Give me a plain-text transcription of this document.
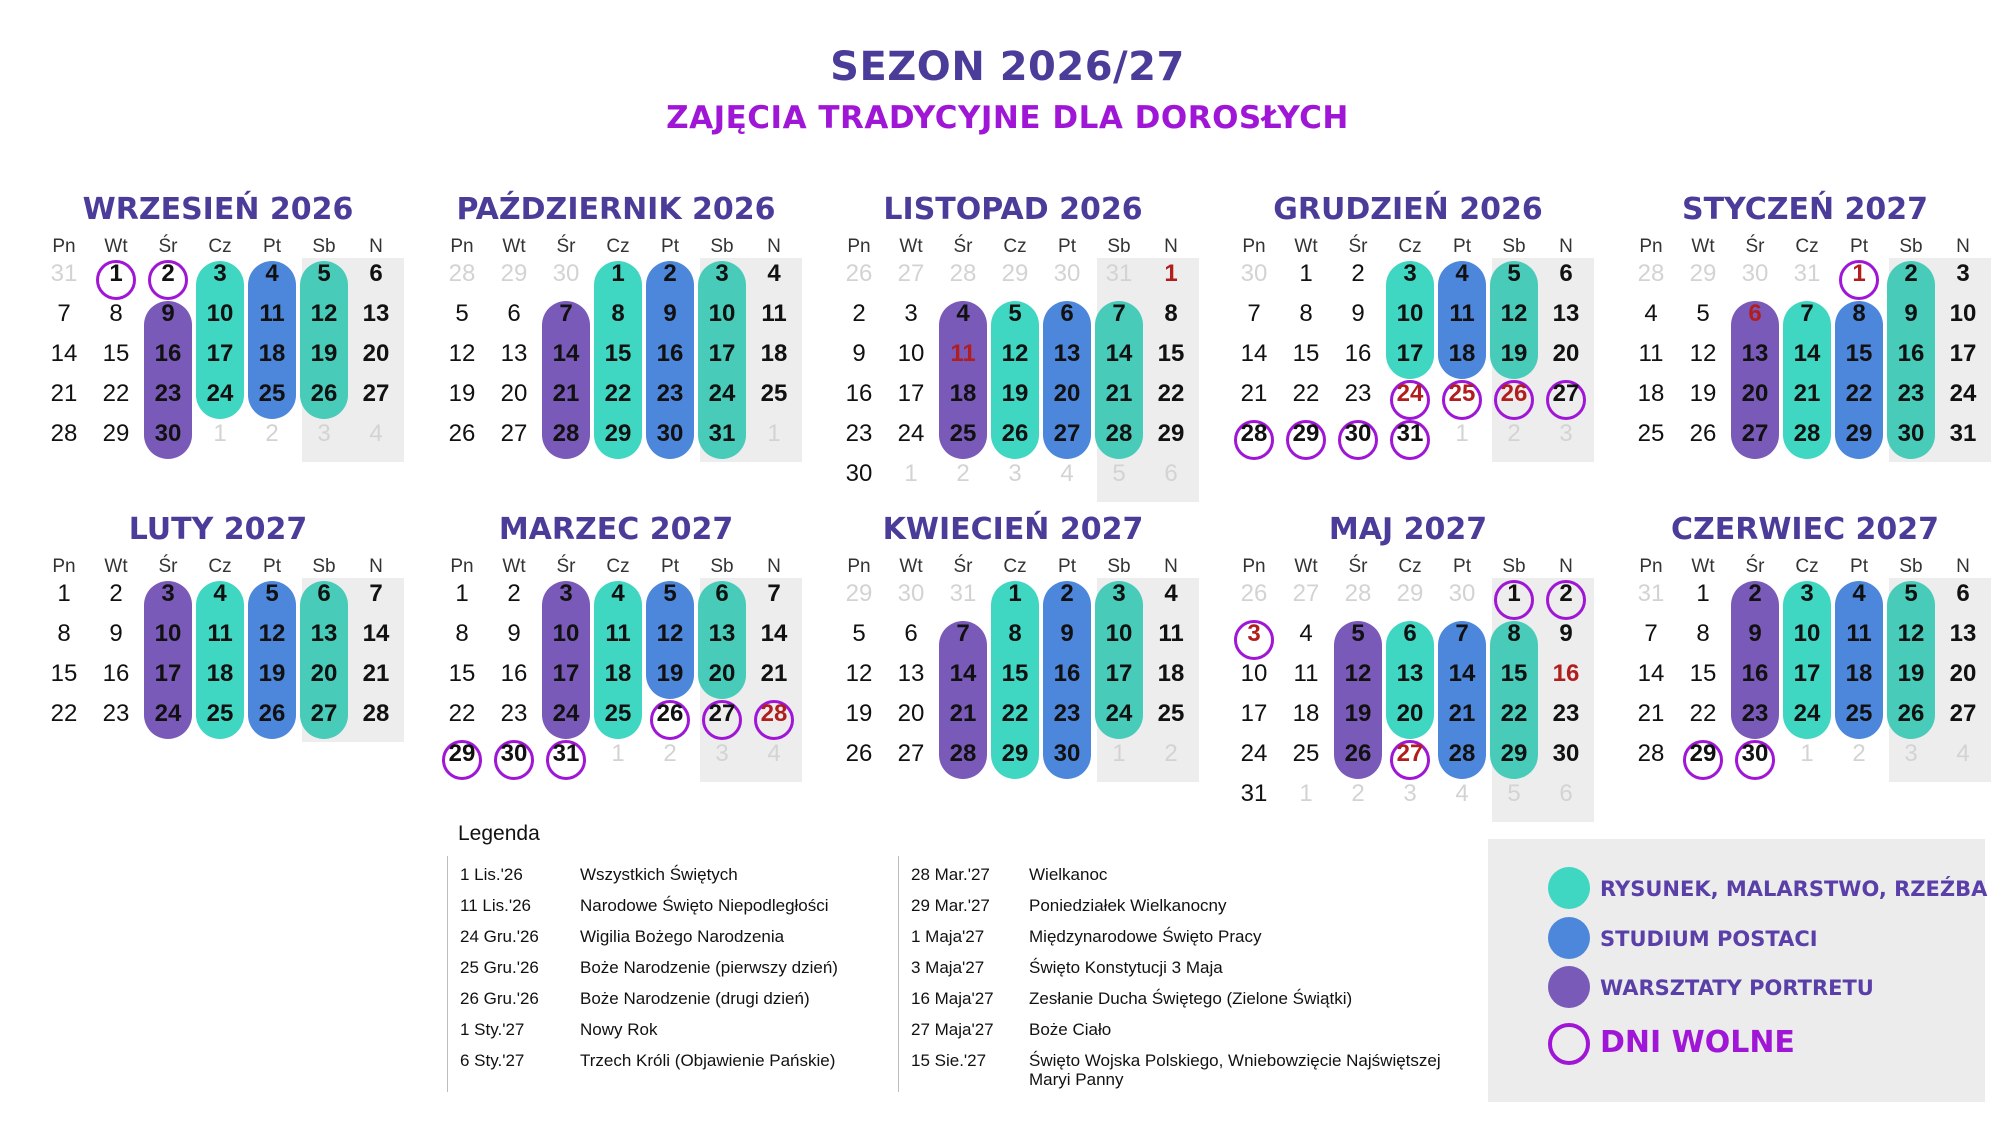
SEZON 2026/27
ZAJĘCIA TRADYCYJNE DLA DOROSŁYCH
WRZESIEŃ 2026
Pn	Wt	Śr	Cz	Pt	Sb	N
31	1	2	3	4	5	6
7	8	9	10	11	12	13
14	15	16	17	18	19	20
21	22	23	24	25	26	27
28	29	30	1	2	3	4
PAŹDZIERNIK 2026
Pn	Wt	Śr	Cz	Pt	Sb	N
28	29	30	1	2	3	4
5	6	7	8	9	10	11
12	13	14	15	16	17	18
19	20	21	22	23	24	25
26	27	28	29	30	31	1
LISTOPAD 2026
Pn	Wt	Śr	Cz	Pt	Sb	N
26	27	28	29	30	31	1
2	3	4	5	6	7	8
9	10	11	12	13	14	15
16	17	18	19	20	21	22
23	24	25	26	27	28	29
30	1	2	3	4	5	6
GRUDZIEŃ 2026
Pn	Wt	Śr	Cz	Pt	Sb	N
30	1	2	3	4	5	6
7	8	9	10	11	12	13
14	15	16	17	18	19	20
21	22	23	24	25	26	27
28	29	30	31	1	2	3
STYCZEŃ 2027
Pn	Wt	Śr	Cz	Pt	Sb	N
28	29	30	31	1	2	3
4	5	6	7	8	9	10
11	12	13	14	15	16	17
18	19	20	21	22	23	24
25	26	27	28	29	30	31
LUTY 2027
Pn	Wt	Śr	Cz	Pt	Sb	N
1	2	3	4	5	6	7
8	9	10	11	12	13	14
15	16	17	18	19	20	21
22	23	24	25	26	27	28
MARZEC 2027
Pn	Wt	Śr	Cz	Pt	Sb	N
1	2	3	4	5	6	7
8	9	10	11	12	13	14
15	16	17	18	19	20	21
22	23	24	25	26	27	28
29	30	31	1	2	3	4
KWIECIEŃ 2027
Pn	Wt	Śr	Cz	Pt	Sb	N
29	30	31	1	2	3	4
5	6	7	8	9	10	11
12	13	14	15	16	17	18
19	20	21	22	23	24	25
26	27	28	29	30	1	2
MAJ 2027
Pn	Wt	Śr	Cz	Pt	Sb	N
26	27	28	29	30	1	2
3	4	5	6	7	8	9
10	11	12	13	14	15	16
17	18	19	20	21	22	23
24	25	26	27	28	29	30
31	1	2	3	4	5	6
CZERWIEC 2027
Pn	Wt	Śr	Cz	Pt	Sb	N
31	1	2	3	4	5	6
7	8	9	10	11	12	13
14	15	16	17	18	19	20
21	22	23	24	25	26	27
28	29	30	1	2	3	4
Legenda
1 Lis.'26	Wszystkich Świętych
11 Lis.'26	Narodowe Święto Niepodległości
24 Gru.'26 Wigilia Bożego Narodzenia
25 Gru.'26 Boże Narodzenie (pierwszy dzień)
26 Gru.'26 Boże Narodzenie (drugi dzień)
1 Sty.'27	Nowy Rok
6 Sty.'27	Trzech Króli (Objawienie Pańskie)
28 Mar.'27 Wielkanoc
29 Mar.'27 Poniedziałek Wielkanocny
1 Maja'27	Międzynarodowe Święto Pracy
3 Maja'27	Święto Konstytucji 3 Maja
16 Maja'27 Zesłanie Ducha Świętego (Zielone Świątki)
27 Maja'27 Boże Ciało
15 Sie.'27	Święto Wojska Polskiego, Wniebowzięcie Najświętszej Maryi Panny
RYSUNEK, MALARSTWO, RZEŹBA
STUDIUM POSTACI
WARSZTATY PORTRETU
DNI WOLNE
